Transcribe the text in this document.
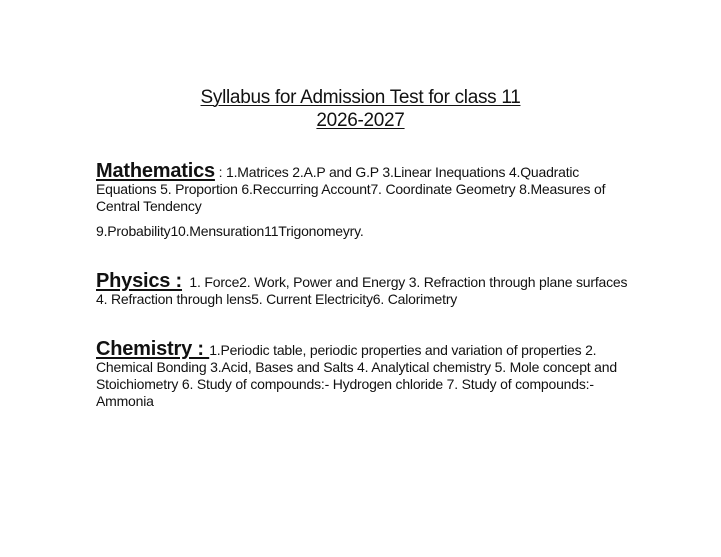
Syllabus for Admission Test for class 11
2026-2027

Mathematics : 1.Matrices 2.A.P and G.P 3.Linear Inequations 4.Quadratic Equations 5. Proportion 6.Reccurring Account7. Coordinate Geometry 8.Measures of Central Tendency

9.Probability10.Mensuration11Trigonomeyry.

Physics : 1. Force2. Work, Power and Energy 3. Refraction through plane surfaces 4. Refraction through lens5. Current Electricity6. Calorimetry

Chemistry : 1.Periodic table, periodic properties and variation of properties 2. Chemical Bonding 3.Acid, Bases and Salts 4. Analytical chemistry 5. Mole concept and Stoichiometry 6. Study of compounds:- Hydrogen chloride 7. Study of compounds:- Ammonia
